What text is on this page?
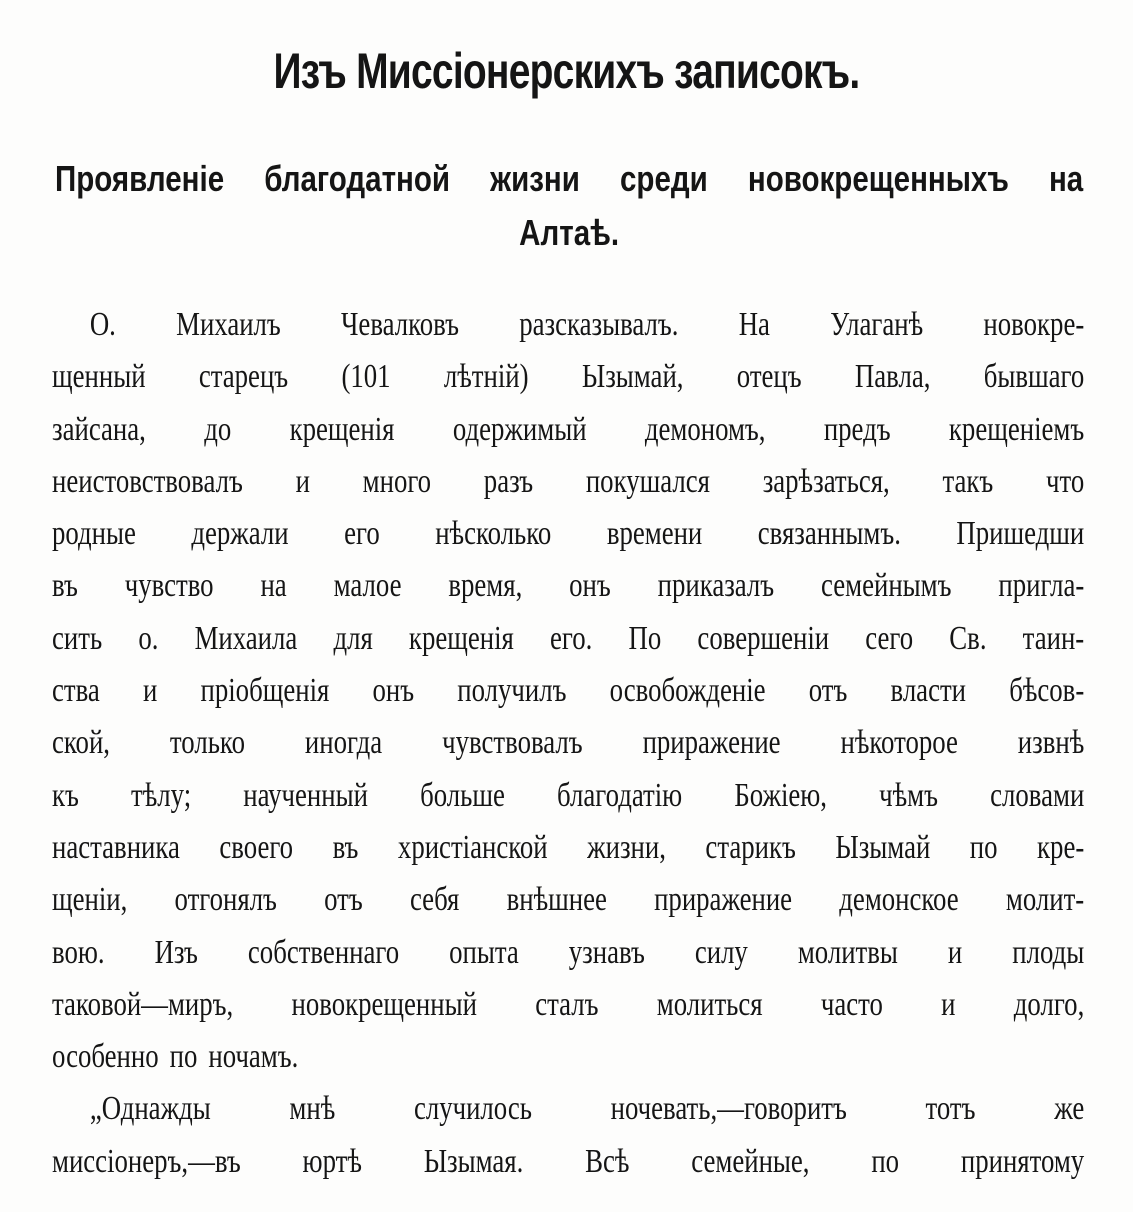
Изъ Миссіонерскихъ записокъ.
Проявленіе благодатной жизни среди новокрещенныхъ на
Алтаѣ.
О. Михаилъ Чевалковъ разсказывалъ. На Улаганѣ новокре-
щенный старецъ (101 лѣтній) Ызымай, отецъ Павла, бывшаго
зайсана, до крещенія одержимый демономъ, предъ крещеніемъ
неистовствовалъ и много разъ покушался зарѣзаться, такъ что
родные держали его нѣсколько времени связаннымъ. Пришедши
въ чувство на малое время, онъ приказалъ семейнымъ пригла-
сить о. Михаила для крещенія его. По совершеніи сего Св. таин-
ства и пріобщенія онъ получилъ освобожденіе отъ власти бѣсов-
ской, только иногда чувствовалъ приражение нѣкоторое извнѣ
къ тѣлу; наученный больше благодатію Божіею, чѣмъ словами
наставника своего въ христіанской жизни, старикъ Ызымай по кре-
щеніи, отгонялъ отъ себя внѣшнее приражение демонское молит-
вою. Изъ собственнаго опыта узнавъ силу молитвы и плоды
таковой—миръ, новокрещенный сталъ молиться часто и долго,
особенно по ночамъ.
„Однажды мнѣ случилось ночевать,—говоритъ тотъ же
миссіонеръ,—въ юртѣ Ызымая. Всѣ семейные, по принятому
